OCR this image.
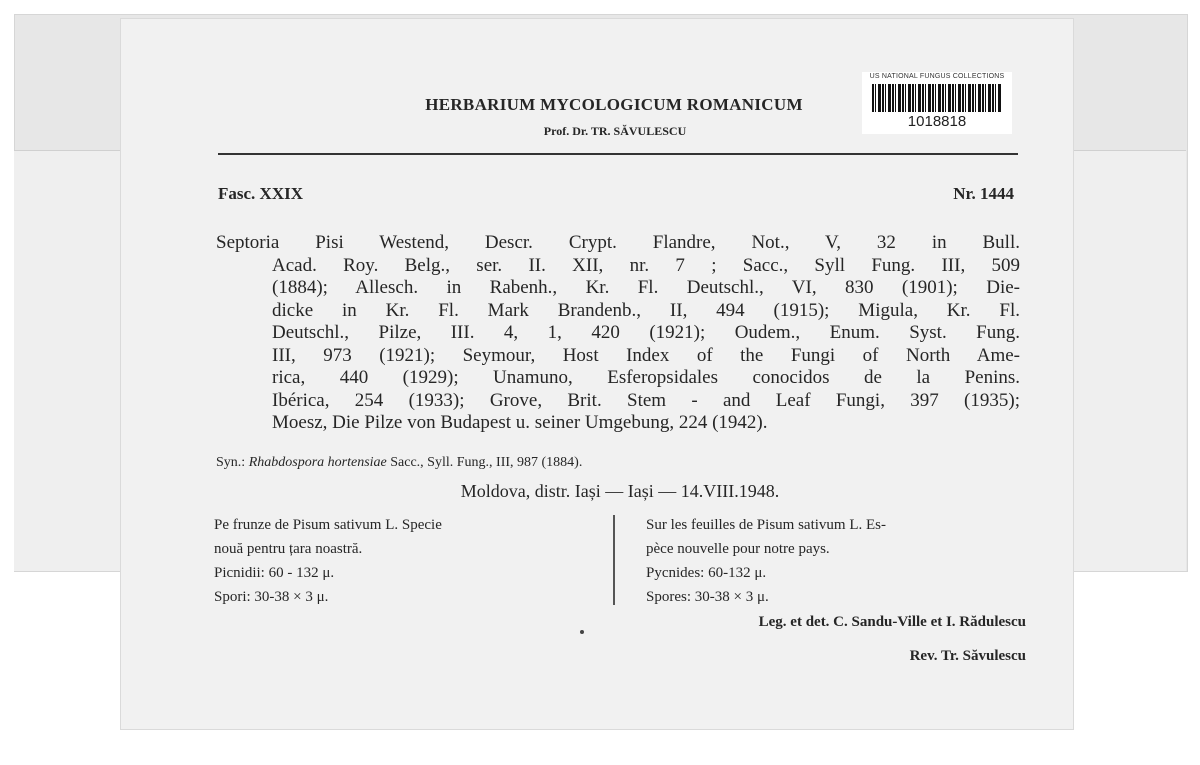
US NATIONAL FUNGUS COLLECTIONS
1018818
HERBARIUM MYCOLOGICUM ROMANICUM
Prof. Dr. TR. SĂVULESCU
Fasc. XXIX	Nr. 1444
Septoria Pisi Westend, Descr. Crypt. Flandre, Not., V, 32 in Bull.
Acad. Roy. Belg., ser. II. XII, nr. 7 ; Sacc., Syll Fung. III, 509
(1884); Allesch. in Rabenh., Kr. Fl. Deutschl., VI, 830 (1901); Die-
dicke in Kr. Fl. Mark Brandenb., II, 494 (1915); Migula, Kr. Fl.
Deutschl., Pilze, III. 4, 1, 420 (1921); Oudem., Enum. Syst. Fung.
III, 973 (1921); Seymour, Host Index of the Fungi of North Ame-
rica, 440 (1929); Unamuno, Esferopsidales conocidos de la Penins.
Ibérica, 254 (1933); Grove, Brit. Stem - and Leaf Fungi, 397 (1935);
Moesz, Die Pilze von Budapest u. seiner Umgebung, 224 (1942).
Syn.: Rhabdospora hortensiae Sacc., Syll. Fung., III, 987 (1884).
Moldova, distr. Iași — Iași — 14.VIII.1948.
Pe frunze de Pisum sativum L. Specie
nouă pentru țara noastră.
Picnidii: 60 - 132 μ.
Spori: 30-38 × 3 μ.
Sur les feuilles de Pisum sativum L. Es-
pèce nouvelle pour notre pays.
Pycnides: 60-132 μ.
Spores: 30-38 × 3 μ.
Leg. et det. C. Sandu-Ville et I. Rădulescu
Rev. Tr. Săvulescu
